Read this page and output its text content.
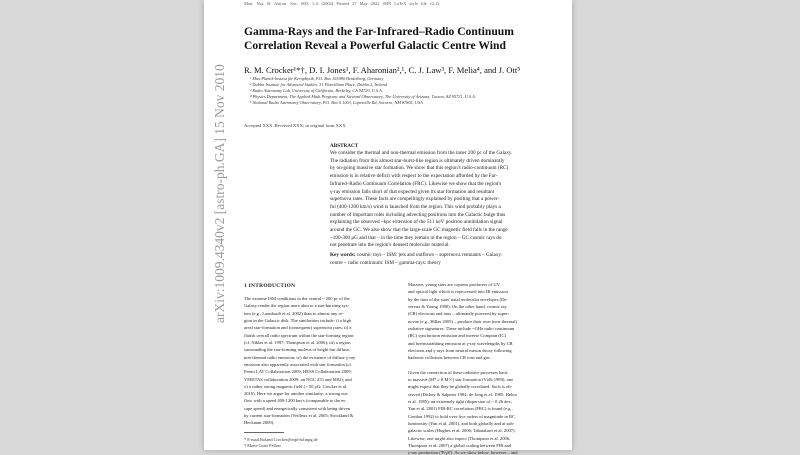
Mon. Not. R. Astron. Soc. 000, 1–6 (2002) Printed 27 May 2022 (MN LaTeX style file v2.2)
Gamma-Rays and the Far-Infrared–Radio Continuum
Correlation Reveal a Powerful Galactic Centre Wind
R. M. Crocker¹*†, D. I. Jones¹, F. Aharonian²,¹, C. J. Law³, F. Melia⁴, and J. Ott⁵
¹ Max-Planck-Institut für Kernphysik, P.O. Box 103980 Heidelberg, Germany
² Dublin Institute for Advanced Studies, 31 Fitzwilliam Place, Dublin 2, Ireland
³ Radio Astronomy Lab, University of California, Berkeley, CA 94720, U.S.A.
⁴ Physics Department, The Applied Math Program, and Steward Observatory, The University of Arizona, Tucson, AZ 85721, U.S.A.
⁵ National Radio Astronomy Observatory, P.O. Box 0 1003, Lopezville Rd, Socorro, NM 87801, USA
Accepted XXX. Received XXX; in original form XXX
ABSTRACT
We consider the thermal and non-thermal emission from the inner 200 pc of the Galaxy.
The radiation from this almost star-burst-like region is ultimately driven dominantly
by on-going massive star formation. We show that this region's radio-continuum (RC)
emission is in relative deficit with respect to the expectation afforded by the Far-
Infrared–Radio Continuum Correlation (FRC). Likewise we show that the region's
γ-ray emission falls short of that expected given its star formation and resultant
supernova rates. These facts are compellingly explained by positing that a power-
ful (400-1200 km/s) wind is launched from the region. This wind probably plays a
number of important roles including advecting positrons into the Galactic bulge thus
explaining the observed ~kpc extension of the 511 keV positron annihilation signal
around the GC. We also show that the large-scale GC magnetic field falls in the range
~100-300 μG and that – in the time they remain in the region – GC cosmic rays do
not penetrate into the region's densest molecular material.
Key words: cosmic rays – ISM: jets and outflows – supernova remnants – Galaxy:
centre – radio continuum: ISM – gamma-rays: theory
1 INTRODUCTION
The extreme ISM conditions in the central ~ 200 pc of the
Galaxy render the region more akin to a star-bursting sys-
tem (e.g., Launhardt et al. 2002) than to almost any re-
gion in the Galactic disk. The similarities include: i) a high
areal star-formation and (consequent) supernova rates; ii) a
flatish overall radio spectrum within the star-forming region
(cf. Niklas et al. 1997; Thompson et al. 2006); iii) a region
surrounding the star-forming nucleus of bright but diffuse,
non-thermal radio emission; iv) the existence of diffuse γ-ray
emission also apparently associated with star formation (cf.
Fermi LAT Collaboration 2009; HESS Collaboration 2009;
VERITAS collaboration 2009; on NGC 253 and M82); and
v) a rather strong magnetic field (> 50 μG; Crocker et al.
2010). Here we argue for another similarity: a strong out-
flow with a speed 400-1200 km/s (comparable to the es-
cape speed) and energetically consistent with being driven
by current star-formation (Veilleux et al. 2005; Strickland &
Heckman 2009).
Massive, young stars are copious producers of UV
and optical light which is reprocessed into IR emission
by the dust of the stars' natal molecular envelopes (De-
vereux & Young 1990). On the other hand, cosmic ray
(CR) electrons and ions – ultimately powered by super-
novae (e.g., Hillas 2005) – produce their own (non-thermal)
radiative signatures. These include ~GHz radio continuum
(RC) synchrotron emission and inverse Compton (IC)
and bremsstrahlung emission at γ-ray wavelengths by CR
electrons and γ-rays from neutral meson decay following
hadronic collisions between CR ions and gas.
Given the connection of these radiative processes back
to massive (M* ≥ 8 M☉) star formation (Völk 1989), one
might expect that they be globally correlated. Such is ob-
served (Dickey & Salpeter 1984; de Jong et al. 1985; Helou
et al. 1985): an extremely tight (dispersion of ~ 0.26 dex;
Yun et al. 2001) FIR-RC correlation (FRC) is found (e.g.,
Condon 1992) to hold over five orders of magnitude in RC
luminosity (Yun et al. 2001), and both globally and at sub-
galactic scales (Hughes et al. 2006; Tabatabaei et al. 2007).
Likewise, one might also expect (Thompson et al. 2006;
Thompson et al. 2007) a global scaling between FIR and
γ-ray production ('F/γS'). As we show below, however – and
* E-mail:Roland.Crocker@mpi-hd.mpg.de
† Marie Curie Fellow
arXiv:1009.4340v2 [astro-ph.GA] 15 Nov 2010
